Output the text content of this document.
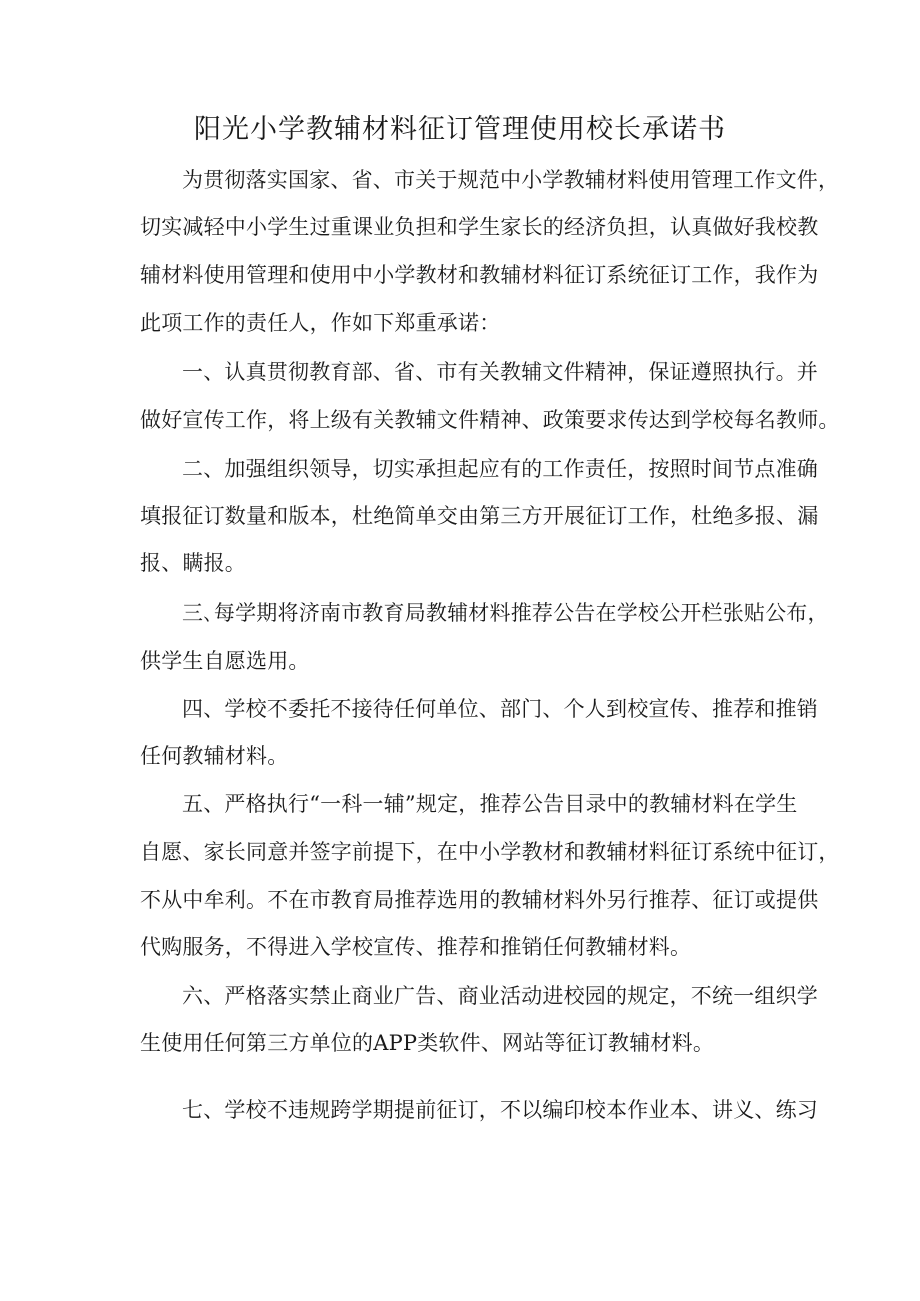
阳光小学教辅材料征订管理使用校长承诺书
为贯彻落实国家、省、市关于规范中小学教辅材料使用管理工作文件，
切实减轻中小学生过重课业负担和学生家长的经济负担，认真做好我校教
辅材料使用管理和使用中小学教材和教辅材料征订系统征订工作，我作为
此项工作的责任人，作如下郑重承诺：
一、认真贯彻教育部、省、市有关教辅文件精神，保证遵照执行。并
做好宣传工作，将上级有关教辅文件精神、政策要求传达到学校每名教师。
二、加强组织领导，切实承担起应有的工作责任，按照时间节点准确
填报征订数量和版本，杜绝简单交由第三方开展征订工作，杜绝多报、漏
报、瞒报。
三､每学期将济南市教育局教辅材料推荐公告在学校公开栏张贴公布，
供学生自愿选用。
四、学校不委托不接待任何单位、部门、个人到校宣传、推荐和推销
任何教辅材料。
五、严格执行“一科一辅”规定，推荐公告目录中的教辅材料在学生
自愿、家长同意并签字前提下，在中小学教材和教辅材料征订系统中征订，
不从中牟利。不在市教育局推荐选用的教辅材料外另行推荐、征订或提供
代购服务，不得进入学校宣传、推荐和推销任何教辅材料。
六、严格落实禁止商业广告、商业活动进校园的规定，不统一组织学
生使用任何第三方单位的APP类软件、网站等征订教辅材料。
七、学校不违规跨学期提前征订，不以编印校本作业本、讲义、练习
